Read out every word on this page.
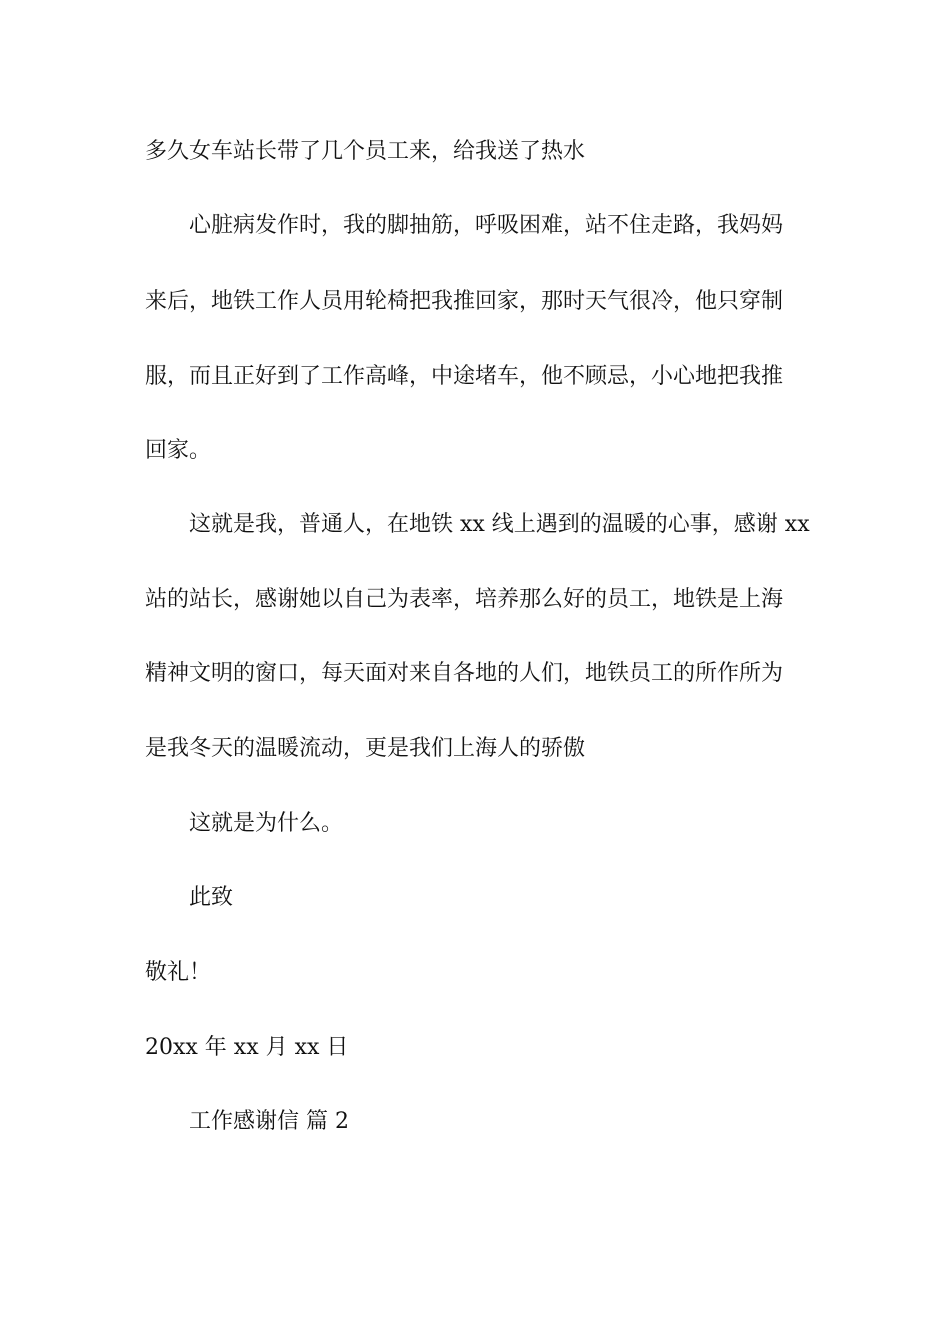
多久女车站长带了几个员工来，给我送了热水
心脏病发作时，我的脚抽筋，呼吸困难，站不住走路，我妈妈
来后，地铁工作人员用轮椅把我推回家，那时天气很冷，他只穿制
服，而且正好到了工作高峰，中途堵车，他不顾忌，小心地把我推
回家。
这就是我，普通人，在地铁 xx 线上遇到的温暖的心事，感谢 xx
站的站长，感谢她以自己为表率，培养那么好的员工，地铁是上海
精神文明的窗口，每天面对来自各地的人们，地铁员工的所作所为
是我冬天的温暖流动，更是我们上海人的骄傲
这就是为什么。
此致
敬礼！
20xx 年 xx 月 xx 日
工作感谢信 篇 2
